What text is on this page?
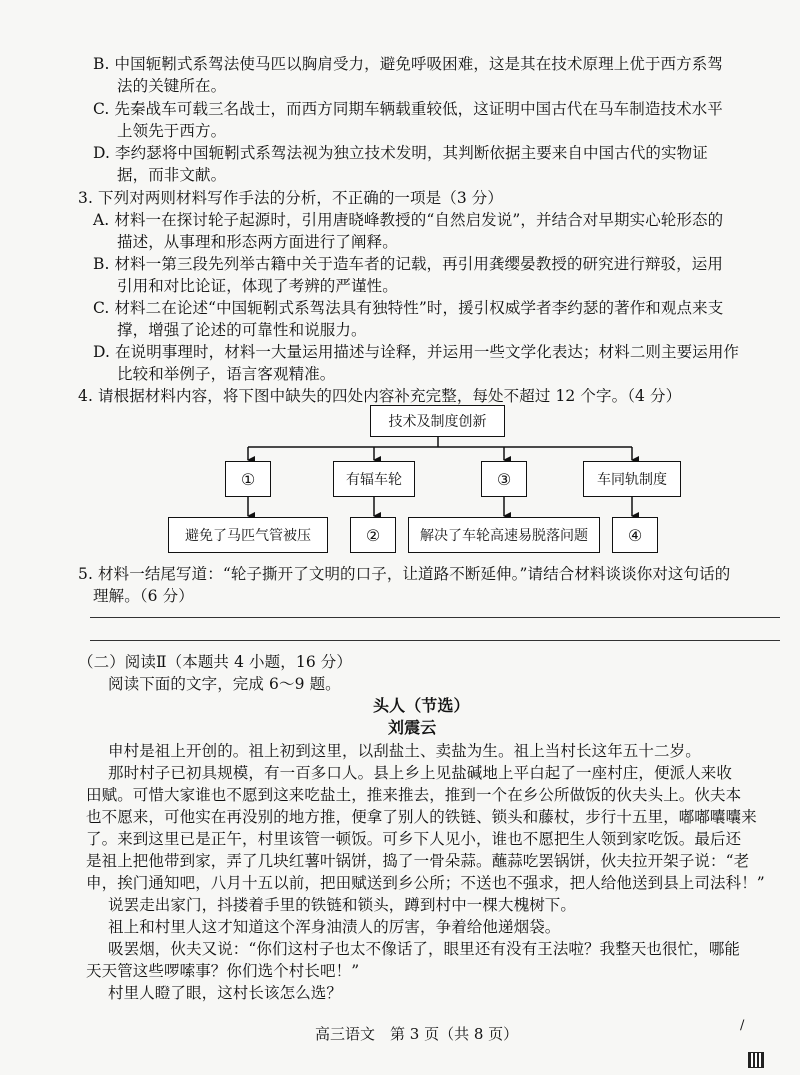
B. 中国轭靷式系驾法使马匹以胸肩受力，避免呼吸困难，这是其在技术原理上优于西方系驾
法的关键所在。
C. 先秦战车可载三名战士，而西方同期车辆载重较低，这证明中国古代在马车制造技术水平
上领先于西方。
D. 李约瑟将中国轭靷式系驾法视为独立技术发明，其判断依据主要来自中国古代的实物证
据，而非文献。
3. 下列对两则材料写作手法的分析，不正确的一项是（3 分）
A. 材料一在探讨轮子起源时，引用唐晓峰教授的“自然启发说”，并结合对早期实心轮形态的
描述，从事理和形态两方面进行了阐释。
B. 材料一第三段先列举古籍中关于造车者的记载，再引用龚缨晏教授的研究进行辩驳，运用
引用和对比论证，体现了考辨的严谨性。
C. 材料二在论述“中国轭靷式系驾法具有独特性”时，援引权威学者李约瑟的著作和观点来支
撑，增强了论述的可靠性和说服力。
D. 在说明事理时，材料一大量运用描述与诠释，并运用一些文学化表达；材料二则主要运用作
比较和举例子，语言客观精准。
4. 请根据材料内容，将下图中缺失的四处内容补充完整，每处不超过 12 个字。（4 分）
技术及制度创新
①	有辐车轮	③	车同轨制度
避免了马匹气管被压	②	解决了车轮高速易脱落问题	④
5. 材料一结尾写道：“轮子撕开了文明的口子，让道路不断延伸。”请结合材料谈谈你对这句话的
理解。（6 分）
（二）阅读Ⅱ（本题共 4 小题，16 分）
阅读下面的文字，完成 6～9 题。
头人（节选）
刘震云
申村是祖上开创的。祖上初到这里，以刮盐土、卖盐为生。祖上当村长这年五十二岁。
那时村子已初具规模，有一百多口人。县上乡上见盐碱地上平白起了一座村庄，便派人来收
田赋。可惜大家谁也不愿到这来吃盐土，推来推去，推到一个在乡公所做饭的伙夫头上。伙夫本
也不愿来，可他实在再没别的地方推，便拿了别人的铁链、锁头和藤杖，步行十五里，嘟嘟囔囔来
了。来到这里已是正午，村里该管一顿饭。可乡下人见小，谁也不愿把生人领到家吃饭。最后还
是祖上把他带到家，弄了几块红薯叶锅饼，捣了一骨朵蒜。蘸蒜吃罢锅饼，伙夫拉开架子说：“老
申，挨门通知吧，八月十五以前，把田赋送到乡公所；不送也不强求，把人给他送到县上司法科！”
说罢走出家门，抖搂着手里的铁链和锁头，蹲到村中一棵大槐树下。
祖上和村里人这才知道这个浑身油渍人的厉害，争着给他递烟袋。
吸罢烟，伙夫又说：“你们这村子也太不像话了，眼里还有没有王法啦？我整天也很忙，哪能
天天管这些啰嗦事？你们选个村长吧！”
村里人瞪了眼，这村长该怎么选？
高三语文　第 3 页（共 8 页）	/
